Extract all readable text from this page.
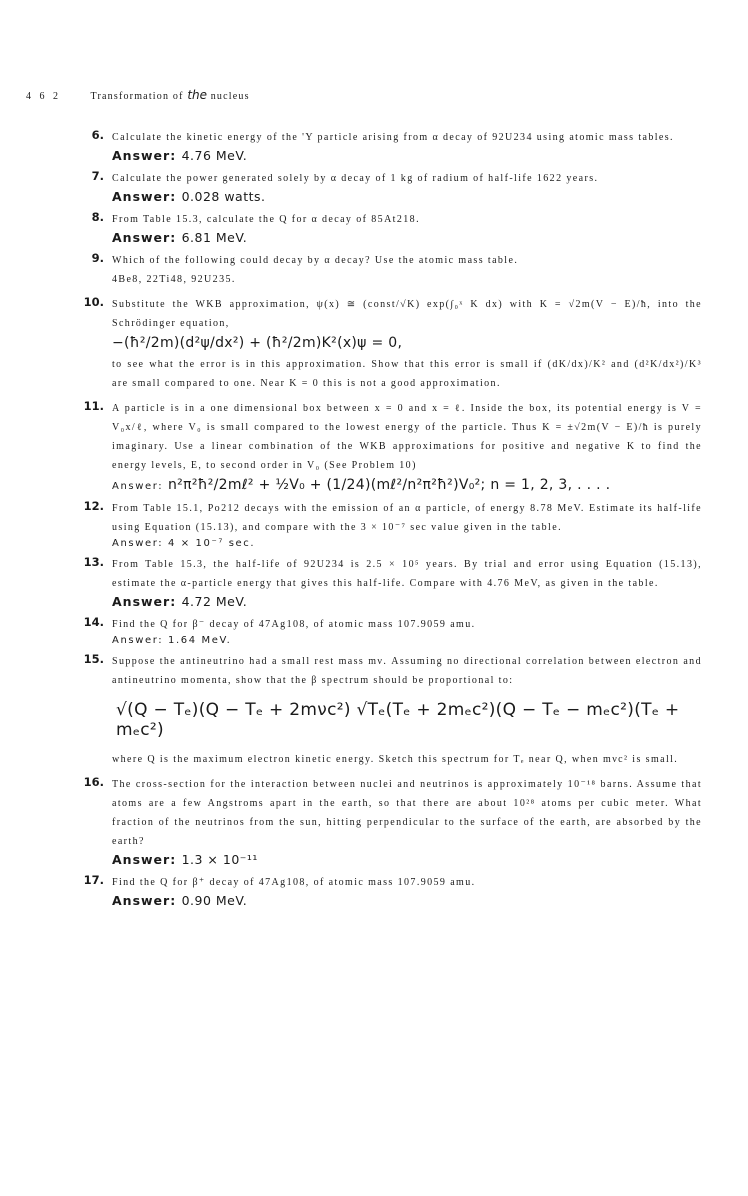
4 6 2	Transformation of the nucleus
6. Calculate the kinetic energy of the 'Y particle arising from α decay of 92U234 using atomic mass tables.
Answer: 4.76 MeV.
7. Calculate the power generated solely by α decay of 1 kg of radium of half-life 1622 years.
Answer: 0.028 watts.
8. From Table 15.3, calculate the Q for α decay of 85At218.
Answer: 6.81 MeV.
9. Which of the following could decay by α decay? Use the atomic mass table.
4Be8, 22Ti48, 92U235.
10. Substitute the WKB approximation, ψ(x) ≅ (const/√K) exp(∫₀ˣ K dx) with K = √2m(V − E)/ħ, into the Schrödinger equation,
−(ħ²/2m)(d²ψ/dx²) + (ħ²/2m)K²(x)ψ = 0,
to see what the error is in this approximation. Show that this error is small if (dK/dx)/K² and (d²K/dx²)/K³ are small compared to one. Near K = 0 this is not a good approximation.
11. A particle is in a one dimensional box between x = 0 and x = ℓ. Inside the box, its potential energy is V = V₀x/ℓ, where V₀ is small compared to the lowest energy of the particle. Thus K = ±√2m(V − E)/ħ is purely imaginary. Use a linear combination of the WKB approximations for positive and negative K to find the energy levels, E, to second order in V₀ (See Problem 10)
Answer: n²π²ħ²/2mℓ² + ½V₀ + (1/24)(mℓ²/n²π²ħ²)V₀²; n = 1, 2, 3, . . . .
12. From Table 15.1, Po212 decays with the emission of an α particle, of energy 8.78 MeV. Estimate its half-life using Equation (15.13), and compare with the 3 × 10⁻⁷ sec value given in the table.
Answer: 4 × 10⁻⁷ sec.
13. From Table 15.3, the half-life of 92U234 is 2.5 × 10⁵ years. By trial and error using Equation (15.13), estimate the α-particle energy that gives this half-life. Compare with 4.76 MeV, as given in the table.
Answer: 4.72 MeV.
14. Find the Q for β⁻ decay of 47Ag108, of atomic mass 107.9059 amu.
Answer: 1.64 MeV.
15. Suppose the antineutrino had a small rest mass mν. Assuming no directional correlation between electron and antineutrino momenta, show that the β spectrum should be proportional to:
√(Q − Tₑ)(Q − Tₑ + 2mνc²) √Tₑ(Tₑ + 2mₑc²)(Q − Tₑ − mₑc²)(Tₑ + mₑc²)
where Q is the maximum electron kinetic energy. Sketch this spectrum for Tₑ near Q, when mνc² is small.
16. The cross-section for the interaction between nuclei and neutrinos is approximately 10⁻¹⁸ barns. Assume that atoms are a few Angstroms apart in the earth, so that there are about 10²⁸ atoms per cubic meter. What fraction of the neutrinos from the sun, hitting perpendicular to the surface of the earth, are absorbed by the earth?
Answer: 1.3 × 10⁻¹¹
17. Find the Q for β⁺ decay of 47Ag108, of atomic mass 107.9059 amu.
Answer: 0.90 MeV.
